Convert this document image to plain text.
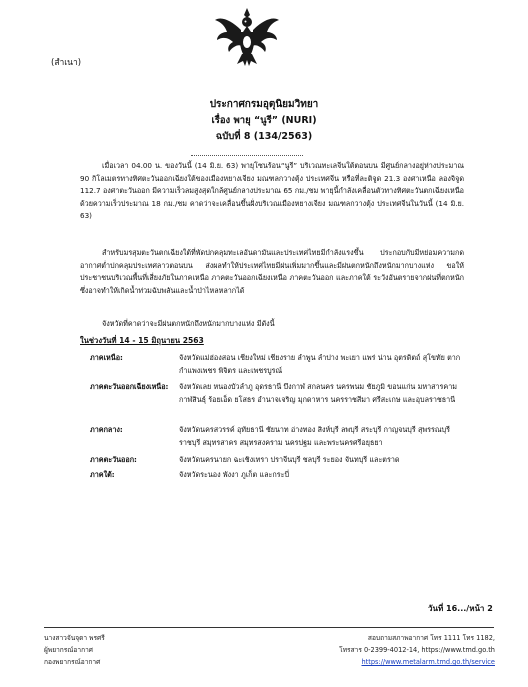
(สำเนา)
ประกาศกรมอุตุนิยมวิทยา
เรื่อง พายุ “นูรี” (NURI)
ฉบับที่ 8 (134/2563)
เมื่อเวลา 04.00 น. ของวันนี้ (14 มิ.ย. 63) พายุโซนร้อน“นูรี” บริเวณทะเลจีนใต้ตอนบน มีศูนย์กลางอยู่ห่างประมาณ 90 กิโลเมตรทางทิศตะวันออกเฉียงใต้ของเมืองหยางเจียง มณฑลกวางตุ้ง ประเทศจีน หรือที่ละติจูด 21.3 องศาเหนือ ลองจิจูด 112.7 องศาตะวันออก มีความเร็วลมสูงสุดใกล้ศูนย์กลางประมาณ 65 กม./ชม พายุนี้กำลังเคลื่อนตัวทางทิศตะวันตกเฉียงเหนือด้วยความเร็วประมาณ 18 กม./ชม คาดว่าจะเคลื่อนขึ้นฝั่งบริเวณเมืองหยางเจียง มณฑลกวางตุ้ง ประเทศจีนในวันนี้ (14 มิ.ย. 63)
สำหรับมรสุมตะวันตกเฉียงใต้ที่พัดปกคลุมทะเลอันดามันและประเทศไทยมีกำลังแรงขึ้น ประกอบกับมีหย่อมความกดอากาศต่ำปกคลุมประเทศลาวตอนบน ส่งผลทำให้ประเทศไทยมีฝนเพิ่มมากขึ้นและมีฝนตกหนักถึงหนักมากบางแห่ง ขอให้ประชาชนบริเวณพื้นที่เสี่ยงภัยในภาคเหนือ ภาคตะวันออกเฉียงเหนือ ภาคตะวันออก และภาคใต้ ระวังอันตรายจากฝนที่ตกหนักซึ่งอาจทำให้เกิดน้ำท่วมฉับพลันและน้ำป่าไหลหลากได้
จังหวัดที่คาดว่าจะมีฝนตกหนักถึงหนักมากบางแห่ง มีดังนี้
ในช่วงวันที่ 14 - 15 มิถุนายน 2563
ภาคเหนือ:	จังหวัดแม่ฮ่องสอน เชียงใหม่ เชียงราย ลำพูน ลำปาง พะเยา แพร่ น่าน อุตรดิตถ์ สุโขทัย ตาก กำแพงเพชร พิจิตร และเพชรบูรณ์
ภาคตะวันออกเฉียงเหนือ:	จังหวัดเลย หนองบัวลำภู อุดรธานี บึงกาฬ สกลนคร นครพนม ชัยภูมิ ขอนแก่น มหาสารคาม กาฬสินธุ์ ร้อยเอ็ด ยโสธร อำนาจเจริญ มุกดาหาร นครราชสีมา ศรีสะเกษ และอุบลราชธานี
ภาคกลาง:	จังหวัดนครสวรรค์ อุทัยธานี ชัยนาท อ่างทอง สิงห์บุรี ลพบุรี สระบุรี กาญจนบุรี สุพรรณบุรี ราชบุรี สมุทรสาคร สมุทรสงคราม นครปฐม และพระนครศรีอยุธยา
ภาคตะวันออก:	จังหวัดนครนายก ฉะเชิงเทรา ปราจีนบุรี ชลบุรี ระยอง จันทบุรี และตราด
ภาคใต้:	จังหวัดระนอง พังงา ภูเก็ต และกระบี่
วันที่ 16.../หน้า 2
นางสาวจันจุดา พรศรี
ผู้พยากรณ์อากาศ
กองพยากรณ์อากาศ
สอบถามสภาพอากาศ โทร 1111 โทร 1182,
โทรสาร 0-2399-4012-14, https://www.tmd.go.th
https://www.metalarm.tmd.go.th/service
